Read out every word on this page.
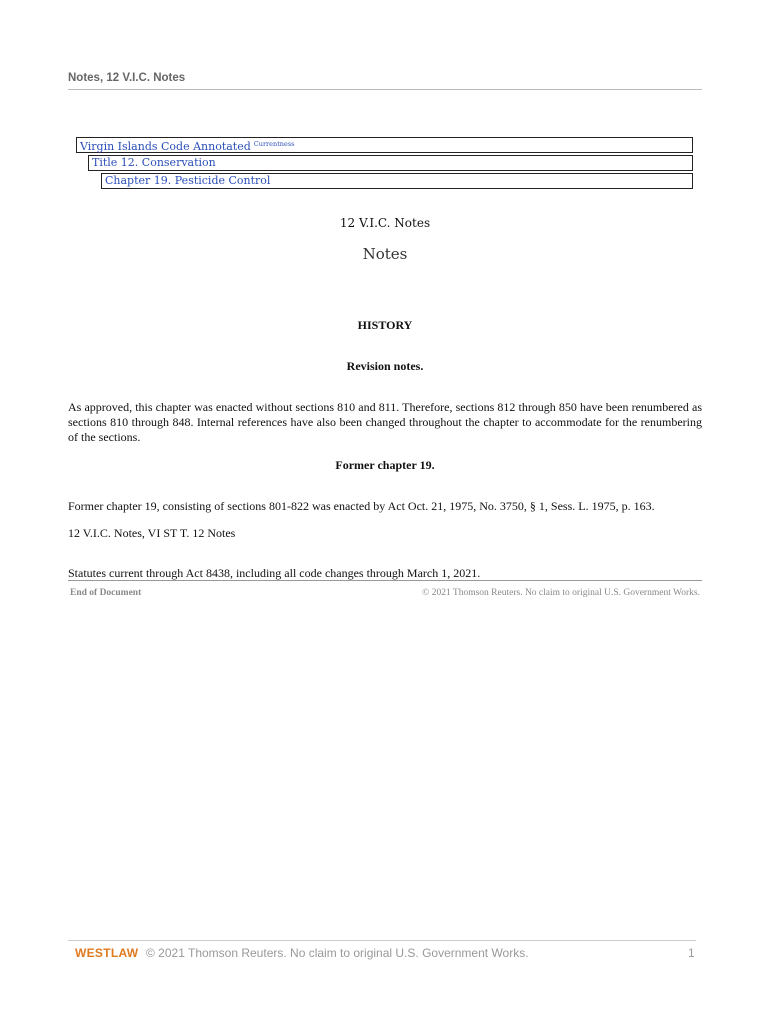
Notes, 12 V.I.C. Notes
Virgin Islands Code Annotated $^{Currentness}$
Title 12. Conservation
Chapter 19. Pesticide Control
12 V.I.C. Notes
Notes
HISTORY
Revision notes.
As approved, this chapter was enacted without sections 810 and 811. Therefore, sections 812 through 850 have been renumbered as sections 810 through 848. Internal references have also been changed throughout the chapter to accommodate for the renumbering of the sections.
Former chapter 19.
Former chapter 19, consisting of sections 801-822 was enacted by Act Oct. 21, 1975, No. 3750, § 1, Sess. L. 1975, p. 163.
12 V.I.C. Notes, VI ST T. 12 Notes
Statutes current through Act 8438, including all code changes through March 1, 2021.
End of Document	© 2021 Thomson Reuters. No claim to original U.S. Government Works.
WESTLAW © 2021 Thomson Reuters. No claim to original U.S. Government Works.	1
